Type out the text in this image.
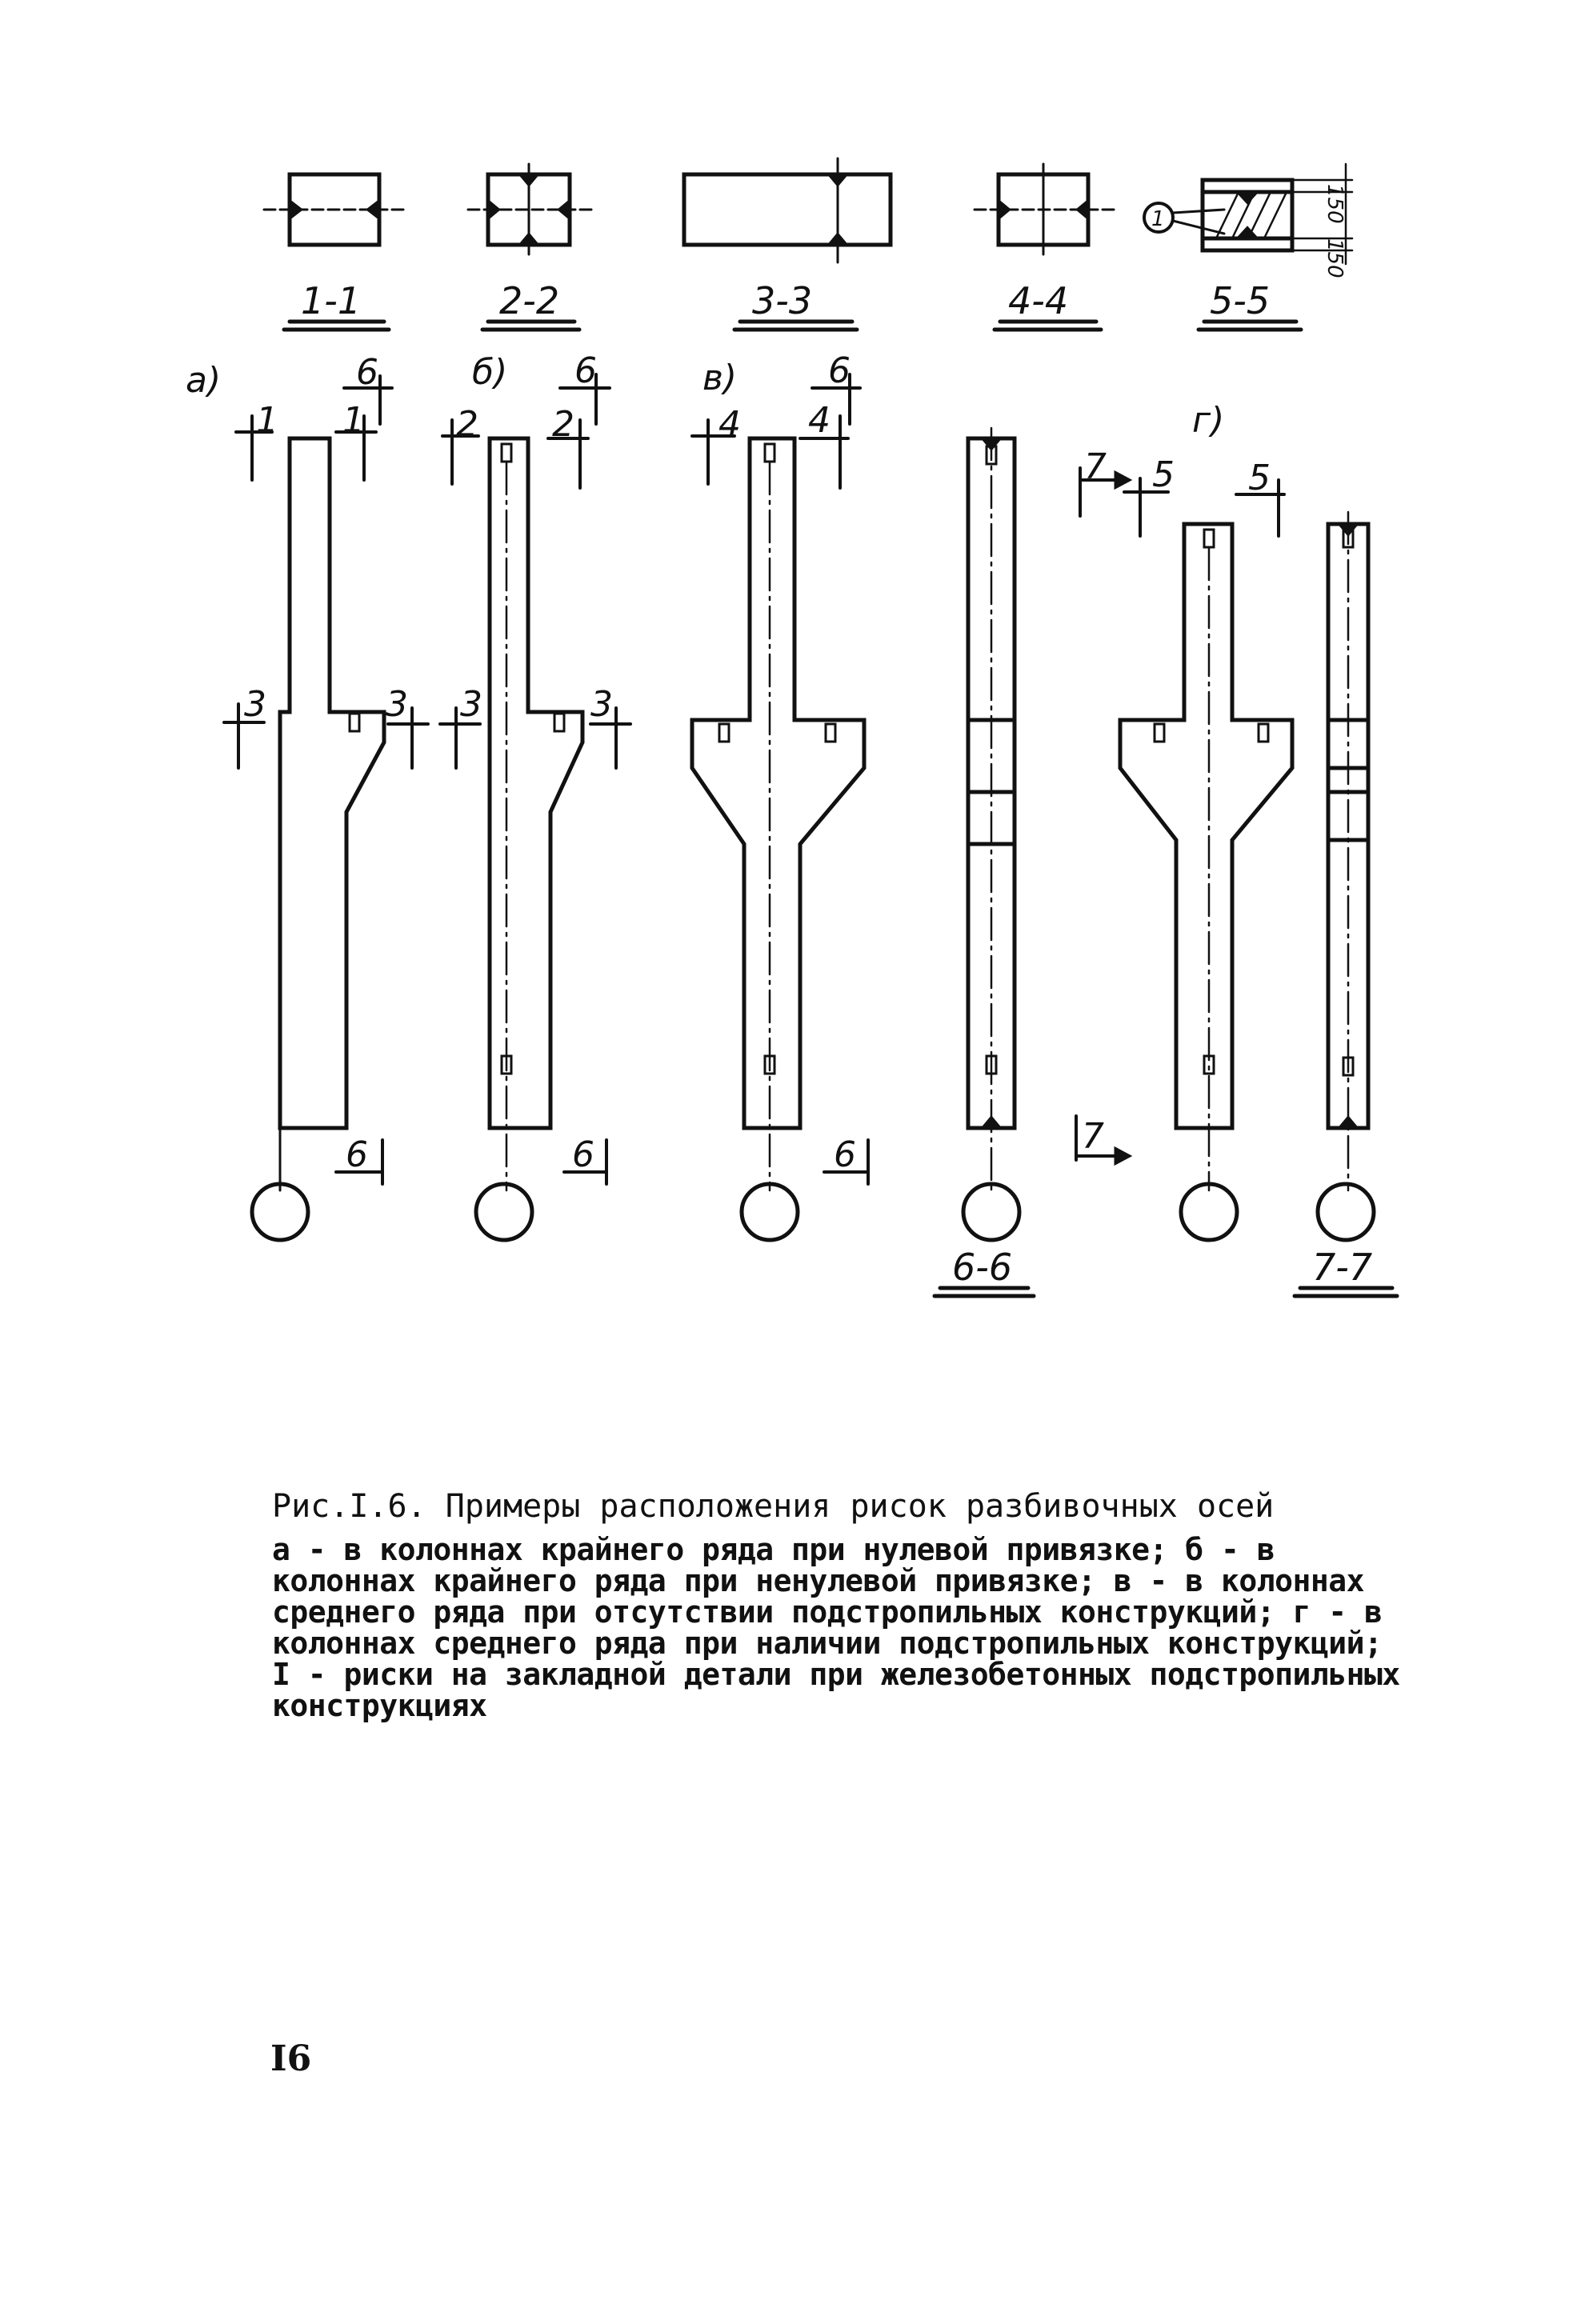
1-1	2-2	3-3	4-4
1	150
150
5-5
а)	б)	в)
г)
1 1
3	3
6
6
2 2
3	3
6
6
4 4
6
6
6-6
7 5 5
7
7-7

Рис.I.6. Примеры расположения рисок разбивочных осей

а - в колоннах крайнего ряда при нулевой привязке; б - в колоннах крайнего ряда при ненулевой привязке; в - в колоннах среднего ряда при отсутствии подстропильных конструкций; г - в колоннах среднего ряда при наличии подстропильных конструкций; I - риски на закладной детали при железобетонных подстропильных конструкциях

I6
